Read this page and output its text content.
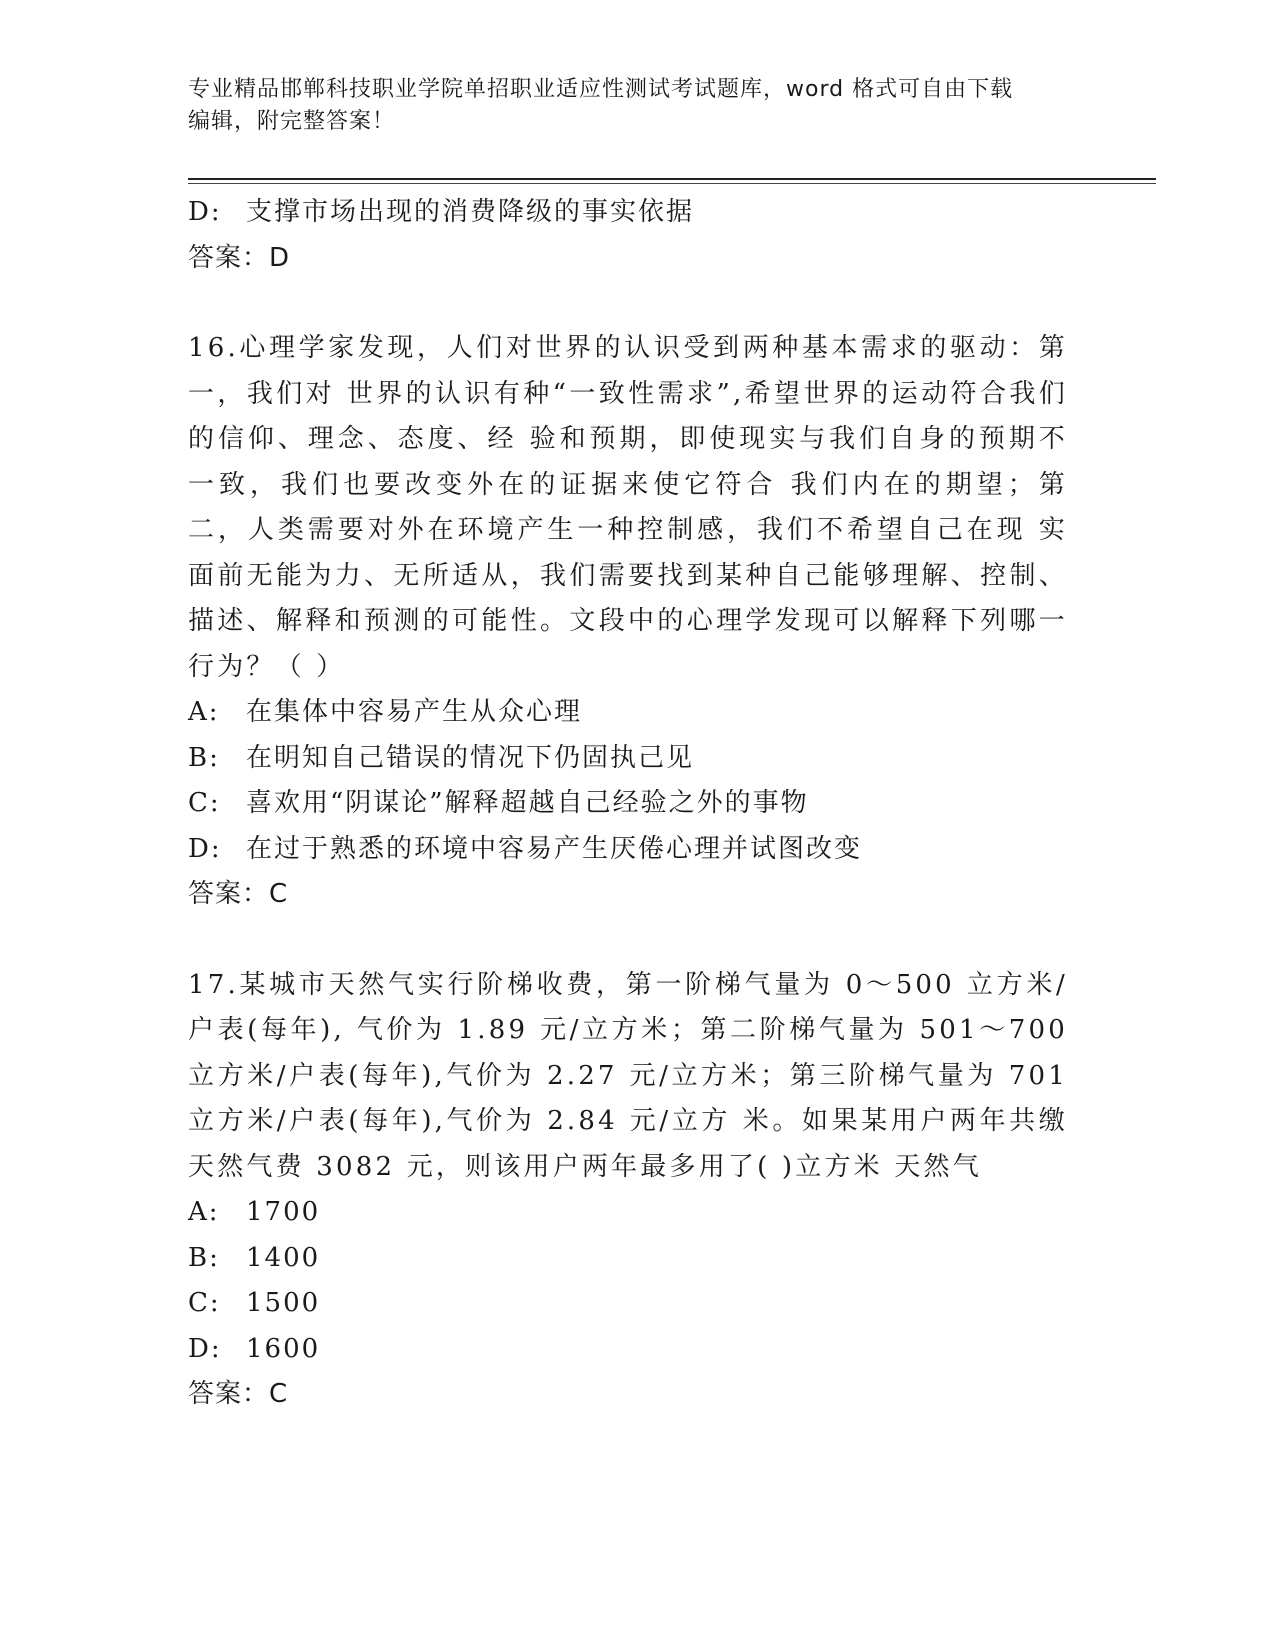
专业精品邯郸科技职业学院单招职业适应性测试考试题库，word 格式可自由下载
编辑，附完整答案！
D: 支撑市场出现的消费降级的事实依据
答案：D
16.心理学家发现，人们对世界的认识受到两种基本需求的驱动：第一，我们对 世界的认识有种“一致性需求”,希望世界的运动符合我们的信仰、理念、态度、经 验和预期，即使现实与我们自身的预期不一致，我们也要改变外在的证据来使它符合 我们内在的期望；第二，人类需要对外在环境产生一种控制感，我们不希望自己在现 实面前无能为力、无所适从，我们需要找到某种自己能够理解、控制、描述、解释和预测的可能性。文段中的心理学发现可以解释下列哪一行为？（ ）
A:	在集体中容易产生从众心理
B:	在明知自己错误的情况下仍固执己见
C: 喜欢用“阴谋论”解释超越自己经验之外的事物
D: 在过于熟悉的环境中容易产生厌倦心理并试图改变
答案：C
17.某城市天然气实行阶梯收费，第一阶梯气量为 0～500 立方米/户表(每年), 气价为 1.89 元/立方米；第二阶梯气量为 501～700 立方米/户表(每年),气价为 2.27 元/立方米；第三阶梯气量为 701 立方米/户表(每年),气价为 2.84 元/立方 米。如果某用户两年共缴天然气费 3082 元，则该用户两年最多用了( )立方米 天然气
A:	1700
B:	1400
C: 1500
D: 1600
答案：C
